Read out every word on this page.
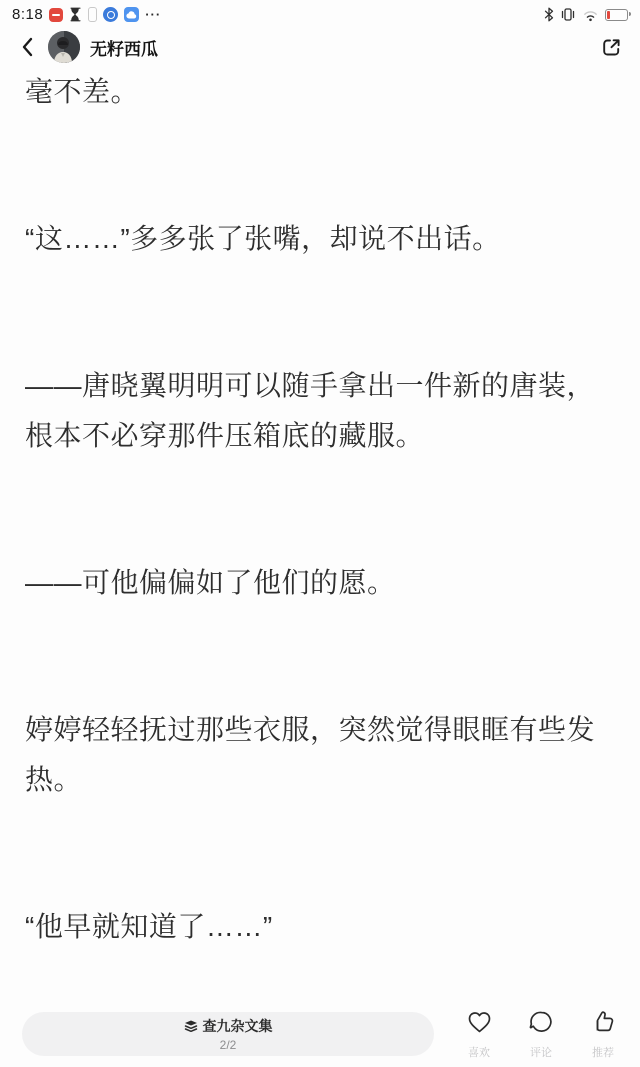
8:18	···
无籽西瓜

毫不差。

“这……”多多张了张嘴，却说不出话。

——唐晓翼明明可以随手拿出一件新的唐装，根本不必穿那件压箱底的藏服。

——可他偏偏如了他们的愿。

婷婷轻轻抚过那些衣服，突然觉得眼眶有些发热。

“他早就知道了……”

查九杂文集
2/2
喜欢	评论	推荐
